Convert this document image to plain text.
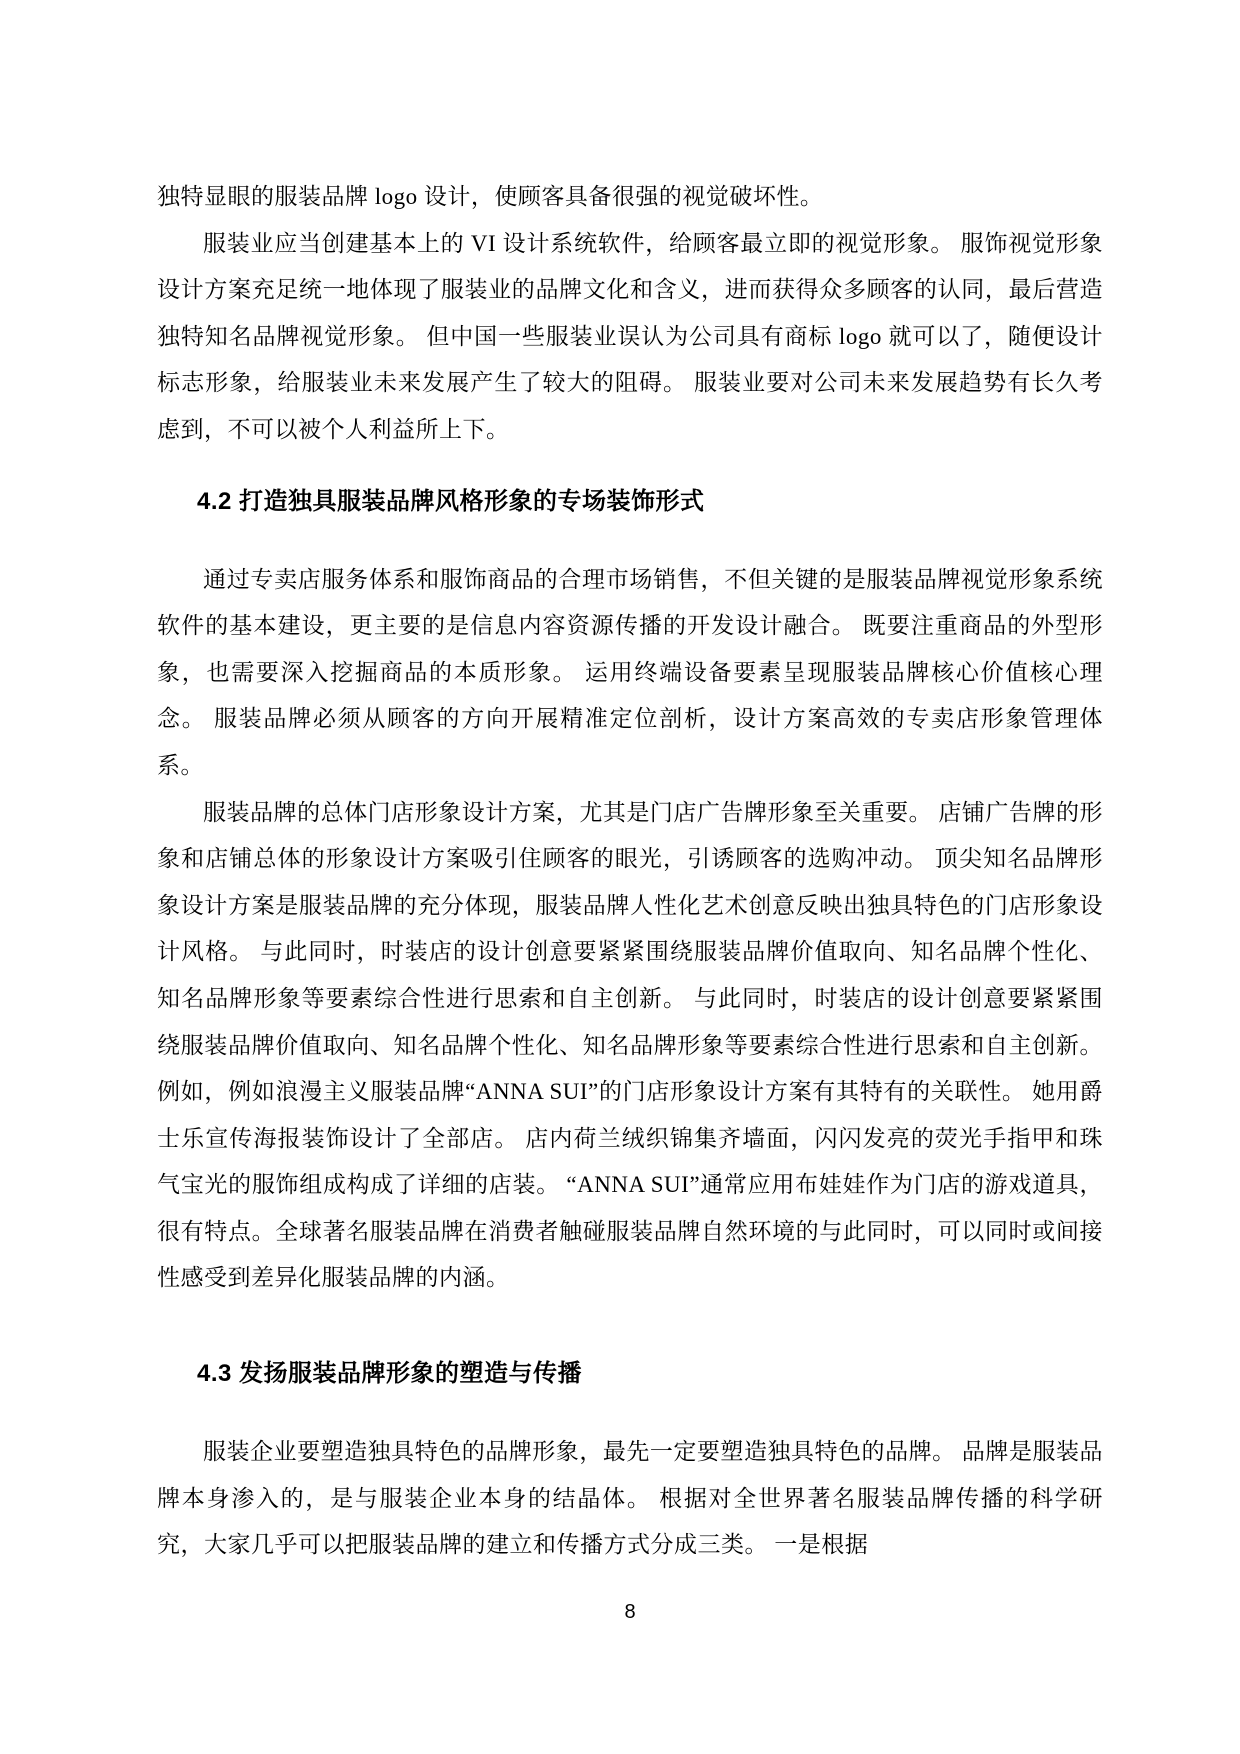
独特显眼的服装品牌 logo 设计，使顾客具备很强的视觉破坏性。

服装业应当创建基本上的 VI 设计系统软件，给顾客最立即的视觉形象。 服饰视觉形象设计方案充足统一地体现了服装业的品牌文化和含义，进而获得众多顾客的认同，最后营造独特知名品牌视觉形象。 但中国一些服装业误认为公司具有商标 logo 就可以了，随便设计标志形象，给服装业未来发展产生了较大的阻碍。 服装业要对公司未来发展趋势有长久考虑到，不可以被个人利益所上下。

4.2 打造独具服装品牌风格形象的专场装饰形式

通过专卖店服务体系和服饰商品的合理市场销售，不但关键的是服装品牌视觉形象系统软件的基本建设，更主要的是信息内容资源传播的开发设计融合。 既要注重商品的外型形象，也需要深入挖掘商品的本质形象。 运用终端设备要素呈现服装品牌核心价值核心理念。 服装品牌必须从顾客的方向开展精准定位剖析，设计方案高效的专卖店形象管理体系。

服装品牌的总体门店形象设计方案，尤其是门店广告牌形象至关重要。 店铺广告牌的形象和店铺总体的形象设计方案吸引住顾客的眼光，引诱顾客的选购冲动。 顶尖知名品牌形象设计方案是服装品牌的充分体现，服装品牌人性化艺术创意反映出独具特色的门店形象设计风格。 与此同时，时装店的设计创意要紧紧围绕服装品牌价值取向、知名品牌个性化、知名品牌形象等要素综合性进行思索和自主创新。 与此同时，时装店的设计创意要紧紧围绕服装品牌价值取向、知名品牌个性化、知名品牌形象等要素综合性进行思索和自主创新。 例如，例如浪漫主义服装品牌“ANNA SUI”的门店形象设计方案有其特有的关联性。 她用爵士乐宣传海报装饰设计了全部店。 店内荷兰绒织锦集齐墙面，闪闪发亮的荧光手指甲和珠气宝光的服饰组成构成了详细的店装。 “ANNA SUI”通常应用布娃娃作为门店的游戏道具，很有特点。全球著名服装品牌在消费者触碰服装品牌自然环境的与此同时，可以同时或间接性感受到差异化服装品牌的内涵。

4.3 发扬服装品牌形象的塑造与传播

服装企业要塑造独具特色的品牌形象，最先一定要塑造独具特色的品牌。 品牌是服装品牌本身渗入的，是与服装企业本身的结晶体。 根据对全世界著名服装品牌传播的科学研究，大家几乎可以把服装品牌的建立和传播方式分成三类。 一是根据

8
